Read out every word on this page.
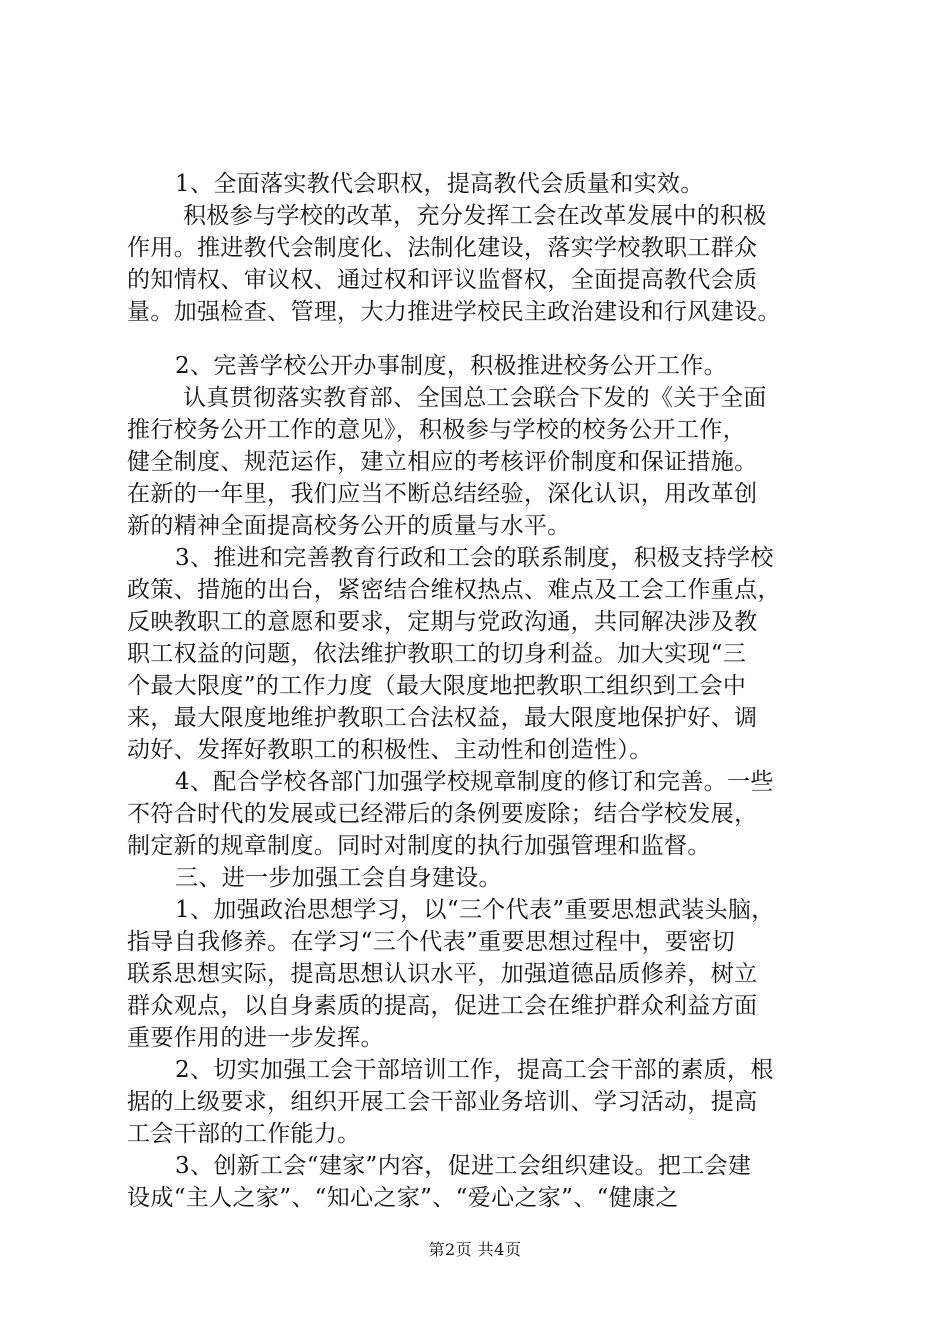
1、全面落实教代会职权，提高教代会质量和实效。
积极参与学校的改革，充分发挥工会在改革发展中的积极
作用。推进教代会制度化、法制化建设，落实学校教职工群众
的知情权、审议权、通过权和评议监督权，全面提高教代会质
量。加强检查、管理，大力推进学校民主政治建设和行风建设。
2、完善学校公开办事制度，积极推进校务公开工作。
认真贯彻落实教育部、全国总工会联合下发的《关于全面
推行校务公开工作的意见》，积极参与学校的校务公开工作，
健全制度、规范运作，建立相应的考核评价制度和保证措施。
在新的一年里，我们应当不断总结经验，深化认识，用改革创
新的精神全面提高校务公开的质量与水平。
3、推进和完善教育行政和工会的联系制度，积极支持学校
政策、措施的出台，紧密结合维权热点、难点及工会工作重点，
反映教职工的意愿和要求，定期与党政沟通，共同解决涉及教
职工权益的问题，依法维护教职工的切身利益。加大实现“三
个最大限度”的工作力度（最大限度地把教职工组织到工会中
来，最大限度地维护教职工合法权益，最大限度地保护好、调
动好、发挥好教职工的积极性、主动性和创造性）。
4、配合学校各部门加强学校规章制度的修订和完善。一些
不符合时代的发展或已经滞后的条例要废除；结合学校发展，
制定新的规章制度。同时对制度的执行加强管理和监督。
三、进一步加强工会自身建设。
1、加强政治思想学习，以“三个代表”重要思想武装头脑，
指导自我修养。在学习“三个代表”重要思想过程中，要密切
联系思想实际，提高思想认识水平，加强道德品质修养，树立
群众观点，以自身素质的提高，促进工会在维护群众利益方面
重要作用的进一步发挥。
2、切实加强工会干部培训工作，提高工会干部的素质，根
据的上级要求，组织开展工会干部业务培训、学习活动，提高
工会干部的工作能力。
3、创新工会“建家”内容，促进工会组织建设。把工会建
设成“主人之家”、“知心之家”、“爱心之家”、“健康之
第2页 共4页
